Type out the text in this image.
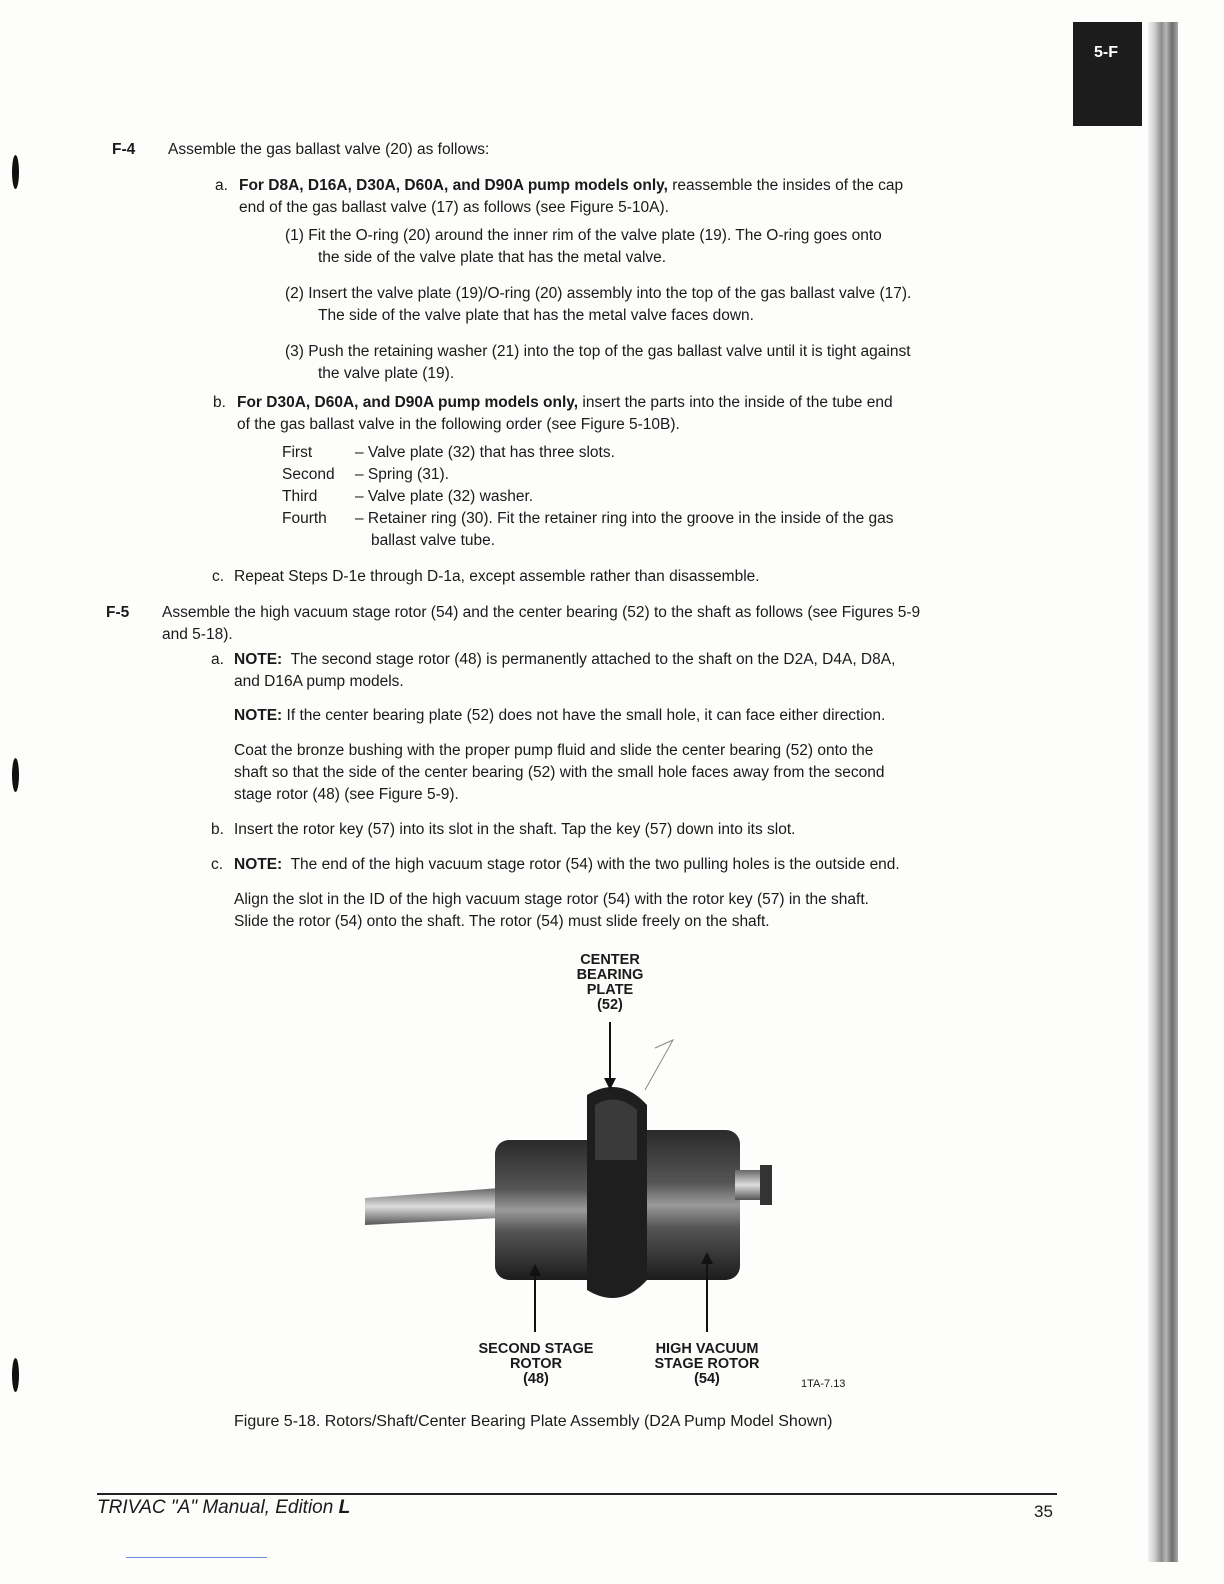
5-F
F-4 Assemble the gas ballast valve (20) as follows:
a. For D8A, D16A, D30A, D60A, and D90A pump models only, reassemble the insides of the cap
end of the gas ballast valve (17) as follows (see Figure 5-10A).
(1) Fit the O-ring (20) around the inner rim of the valve plate (19). The O-ring goes onto
the side of the valve plate that has the metal valve.
(2) Insert the valve plate (19)/O-ring (20) assembly into the top of the gas ballast valve (17).
The side of the valve plate that has the metal valve faces down.
(3) Push the retaining washer (21) into the top of the gas ballast valve until it is tight against
the valve plate (19).
b. For D30A, D60A, and D90A pump models only, insert the parts into the inside of the tube end
of the gas ballast valve in the following order (see Figure 5-10B).
First	– Valve plate (32) that has three slots.
Second – Spring (31).
Third – Valve plate (32) washer.
Fourth – Retainer ring (30). Fit the retainer ring into the groove in the inside of the gas
ballast valve tube.
c. Repeat Steps D-1e through D-1a, except assemble rather than disassemble.
F-5 Assemble the high vacuum stage rotor (54) and the center bearing (52) to the shaft as follows (see Figures 5-9
and 5-18).
a. NOTE: The second stage rotor (48) is permanently attached to the shaft on the D2A, D4A, D8A,
and D16A pump models.
NOTE: If the center bearing plate (52) does not have the small hole, it can face either direction.
Coat the bronze bushing with the proper pump fluid and slide the center bearing (52) onto the
shaft so that the side of the center bearing (52) with the small hole faces away from the second
stage rotor (48) (see Figure 5-9).
b. Insert the rotor key (57) into its slot in the shaft. Tap the key (57) down into its slot.
c. NOTE: The end of the high vacuum stage rotor (54) with the two pulling holes is the outside end.
Align the slot in the ID of the high vacuum stage rotor (54) with the rotor key (57) in the shaft.
Slide the rotor (54) onto the shaft. The rotor (54) must slide freely on the shaft.
CENTER
BEARING
PLATE
(52)
SECOND STAGE
ROTOR
(48)
HIGH VACUUM
STAGE ROTOR
(54)	1TA-7.13
Figure 5-18. Rotors/Shaft/Center Bearing Plate Assembly (D2A Pump Model Shown)
TRIVAC "A" Manual, Edition L	35
